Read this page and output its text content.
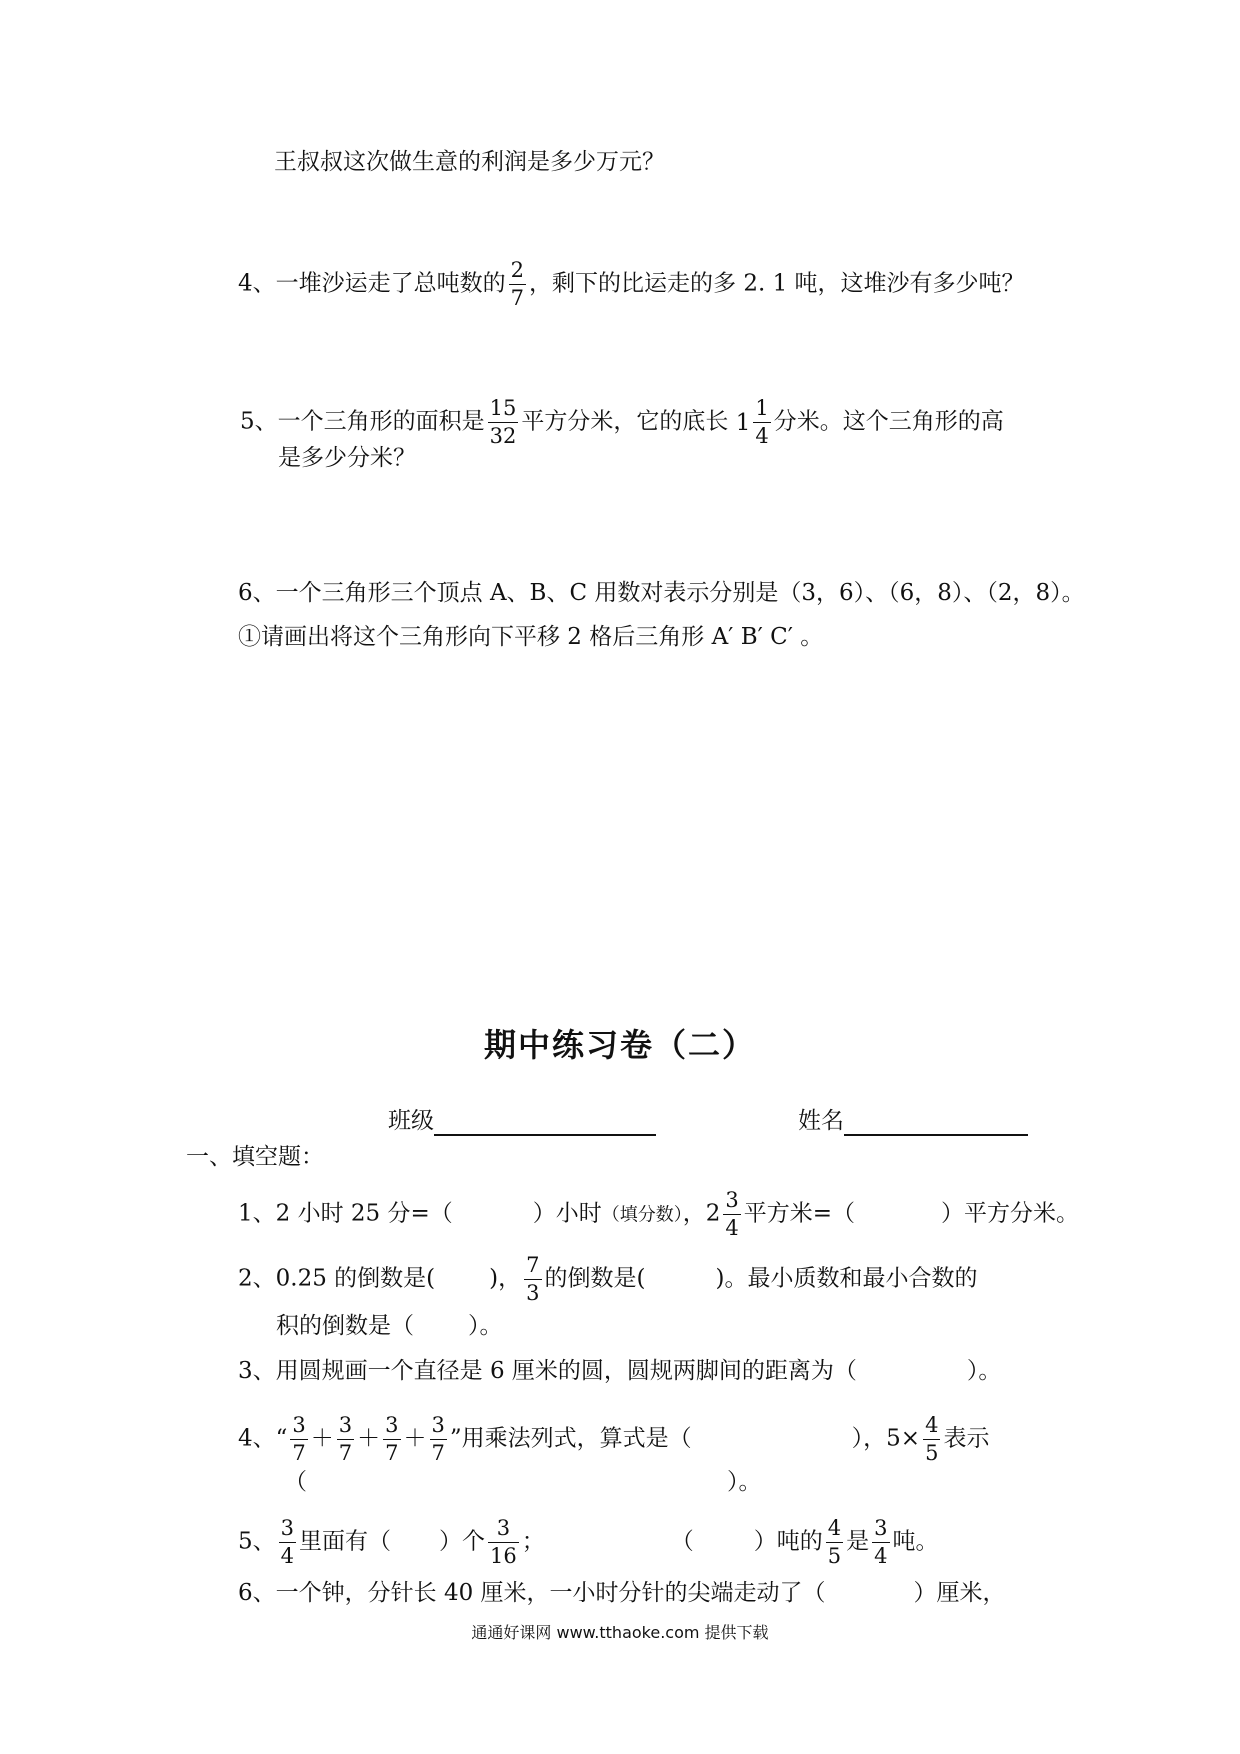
王叔叔这次做生意的利润是多少万元？
4、一堆沙运走了总吨数的 $\frac{2}{7}$ ，剩下的比运走的多 2. 1 吨，这堆沙有多少吨？
5、一个三角形的面积是 $\frac{15}{32}$ 平方分米，它的底长 $1 \frac{1}{4}$ 分米。这个三角形的高
是多少分米？
6、一个三角形三个顶点 A、B、C 用数对表示分别是（3，6）、（6，8）、（2，8）。
①请画出将这个三角形向下平移 2 格后三角形 A′ B′ C′ 。
期中练习卷（二）
班级	姓名
一、填空题：
1、2 小时 25 分=（	）小时（填分数），$2 \frac{3}{4}$ 平方米=（	）平方分米。
2、0.25 的倒数是( )， $\frac{7}{3}$ 的倒数是(	)。最小质数和最小合数的
积的倒数是（ ）。
3、用圆规画一个直径是 6 厘米的圆，圆规两脚间的距离为（	）。
4、“ $\frac{3}{7} + \frac{3}{7} + \frac{3}{7} + \frac{3}{7}$ ”用乘法列式，算式是（	），$5\times \frac{4}{5}$ 表示
（	）。
5、 $\frac{3}{4}$ 里面有（ ）个 $\frac{3}{16}$ ；	（	）吨的 $\frac{4}{5}$ 是 $\frac{3}{4}$ 吨。
6、一个钟，分针长 40 厘米，一小时分针的尖端走动了（	）厘米，
通通好课网 www.tthaoke.com 提供下载
